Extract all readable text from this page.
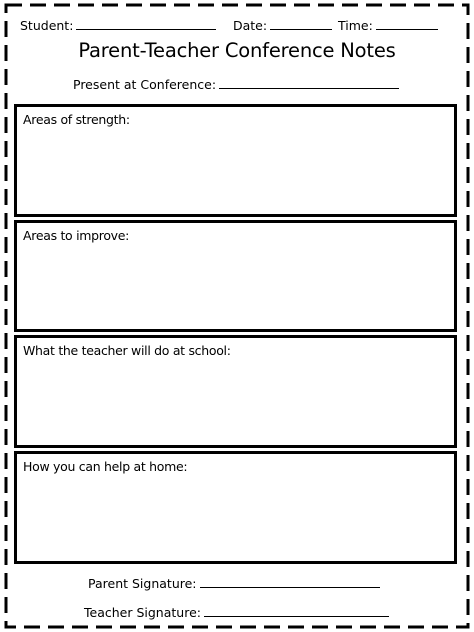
Student:	Date:	Time:
Parent-Teacher Conference Notes
Present at Conference:
Areas of strength:
Areas to improve:
What the teacher will do at school:
How you can help at home:
Parent Signature:
Teacher Signature:
